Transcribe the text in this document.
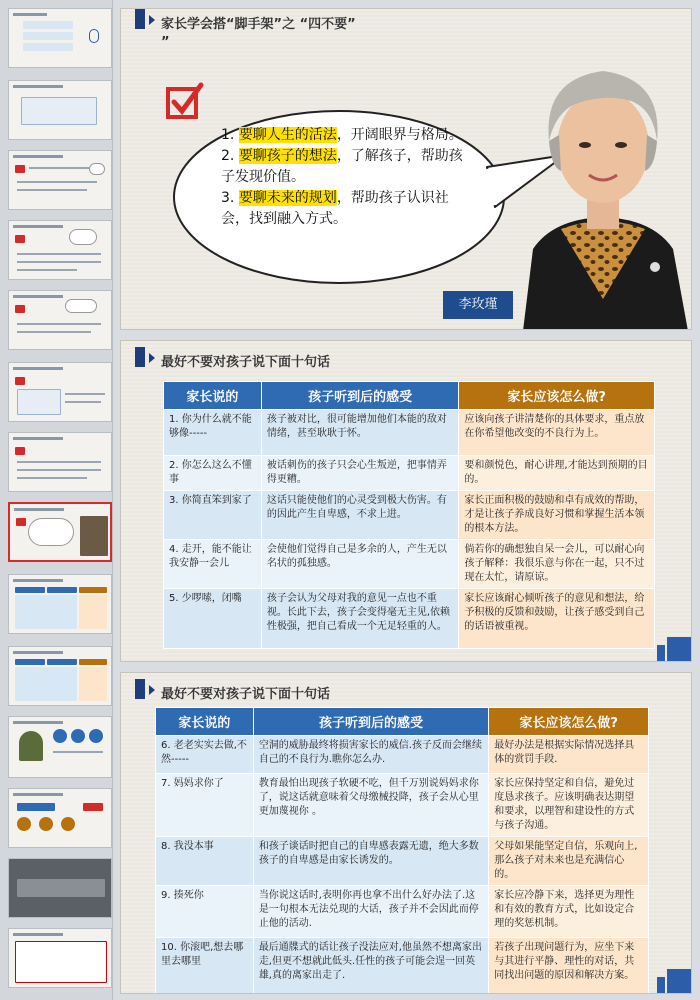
家长学会搭“脚手架”之 “四不要”
”
1. 要聊人生的活法，开阔眼界与格局。
2. 要聊孩子的想法，了解孩子，帮助孩子发现价值。
3. 要聊未来的规划，帮助孩子认识社会，找到融入方式。
李玫瑾
最好不要对孩子说下面十句话
家长说的	孩子听到后的感受	家长应该怎么做?
1. 你为什么就不能够像-----	孩子被对比，很可能增加他们本能的敌对情绪，甚至耿耿于怀。	应该向孩子讲清楚你的具体要求，重点放在你希望他改变的不良行为上。
2. 你怎么这么不懂事	被话刺伤的孩子只会心生叛逆，把事情弄得更糟。	要和颜悦色，耐心讲理,才能达到预期的目的。
3. 你简直笨到家了	这话只能使他们的心灵受到极大伤害。有的因此产生自卑感，不求上进。	家长正面积极的鼓励和卓有成效的帮助，才是让孩子养成良好习惯和掌握生活本领的根本方法。
4. 走开，能不能让我安静一会儿	会使他们觉得自己是多余的人，产生无以名状的孤独感。	倘若你的确想独自呆一会儿，可以耐心向孩子解释：我很乐意与你在一起，只不过现在太忙，请原谅。
5. 少啰嗦，闭嘴	孩子会认为父母对我的意见一点也不重视。长此下去，孩子会变得毫无主见,依赖性极强，把自己看成一个无足轻重的人。	家长应该耐心倾听孩子的意见和想法，给予积极的反馈和鼓励，让孩子感受到自己的话语被重视。
最好不要对孩子说下面十句话
家长说的	孩子听到后的感受	家长应该怎么做?
6. 老老实实去做,不然-----	空洞的威胁最终将损害家长的威信.孩子反而会继续自己的不良行为.瞧你怎么办.	最好办法是根据实际情况选择具体的赏罚手段.
7. 妈妈求你了	教育最怕出现孩子软硬不吃，但千万别说妈妈求你了，说这话就意味着父母缴械投降，孩子会从心里更加蔑视你 。	家长应保持坚定和自信，避免过度恳求孩子。应该明确表达期望和要求，以理智和建设性的方式与孩子沟通。
8. 我没本事	和孩子谈话时把自己的自卑感表露无遗，绝大多数孩子的自卑感是由家长诱发的。	父母如果能坚定自信，乐观向上,那么孩子对未来也是充满信心的。
9. 揍死你	当你说这话时,表明你再也拿不出什么好办法了.这是一句根本无法兑现的大话，孩子并不会因此而停止他的活动.	家长应冷静下来，选择更为理性和有效的教育方式，比如设定合理的奖惩机制。
10. 你滚吧,想去哪里去哪里	最后通牒式的话让孩子没法应对,他虽然不想离家出走,但更不想就此低头.任性的孩子可能会逞一回英雄,真的离家出走了.	若孩子出现问题行为，应坐下来与其进行平静、理性的对话，共同找出问题的原因和解决方案。
